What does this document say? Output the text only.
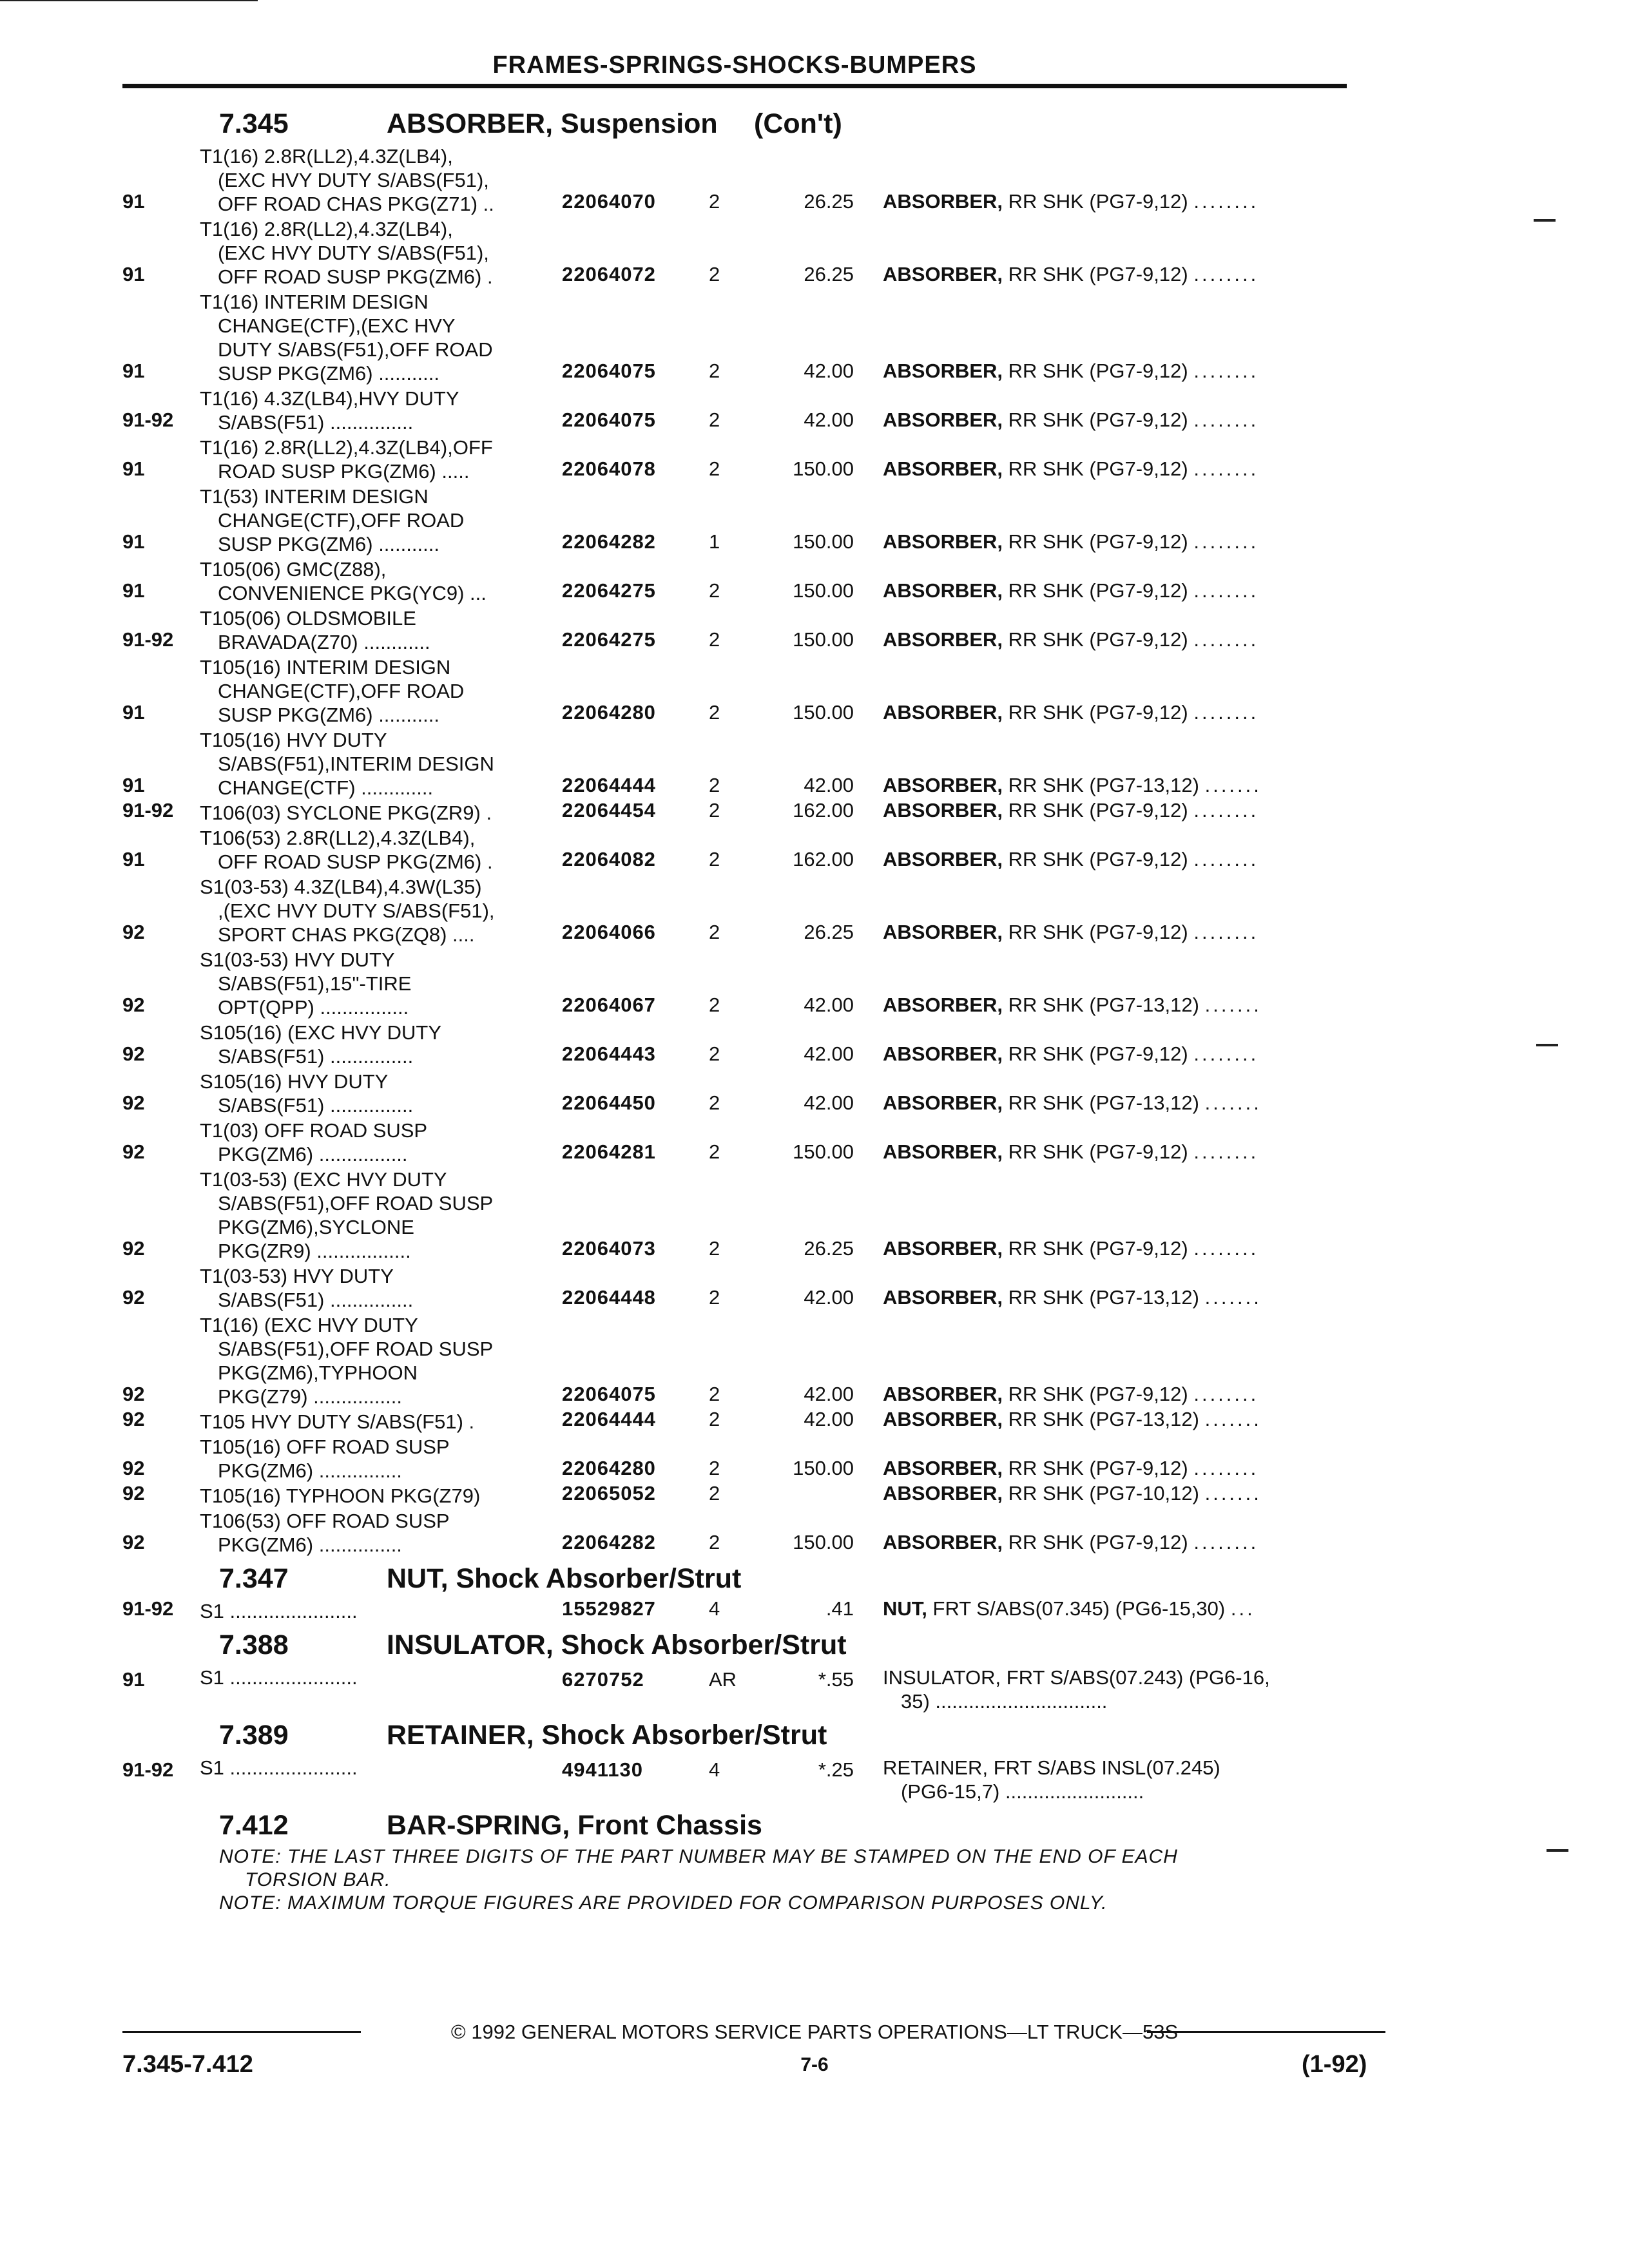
FRAMES-SPRINGS-SHOCKS-BUMPERS
7.345	ABSORBER, Suspension (Con't)
91
T1(16) 2.8R(LL2),4.3Z(LB4),
(EXC HVY DUTY S/ABS(F51),
OFF ROAD CHAS PKG(Z71) ..	22064070	2	26.25 ABSORBER, RR SHK (PG7-9,12) ........
91
T1(16) 2.8R(LL2),4.3Z(LB4),
(EXC HVY DUTY S/ABS(F51),
OFF ROAD SUSP PKG(ZM6) .	22064072	2	26.25 ABSORBER, RR SHK (PG7-9,12) ........
91
T1(16) INTERIM DESIGN
CHANGE(CTF),(EXC HVY
DUTY S/ABS(F51),OFF ROAD
SUSP PKG(ZM6) ...........	22064075	2	42.00 ABSORBER, RR SHK (PG7-9,12) ........
91-92
T1(16) 4.3Z(LB4),HVY DUTY
S/ABS(F51) ...............	22064075	2	42.00 ABSORBER, RR SHK (PG7-9,12) ........
91
T1(16) 2.8R(LL2),4.3Z(LB4),OFF
ROAD SUSP PKG(ZM6) .....	22064078	2	150.00 ABSORBER, RR SHK (PG7-9,12) ........
91
T1(53) INTERIM DESIGN
CHANGE(CTF),OFF ROAD
SUSP PKG(ZM6) ...........	22064282	1	150.00 ABSORBER, RR SHK (PG7-9,12) ........
91
T105(06) GMC(Z88),
CONVENIENCE PKG(YC9) ...	22064275	2	150.00 ABSORBER, RR SHK (PG7-9,12) ........
91-92
T105(06) OLDSMOBILE
BRAVADA(Z70) ............	22064275	2	150.00 ABSORBER, RR SHK (PG7-9,12) ........
91
T105(16) INTERIM DESIGN
CHANGE(CTF),OFF ROAD
SUSP PKG(ZM6) ...........	22064280	2	150.00 ABSORBER, RR SHK (PG7-9,12) ........
91
T105(16) HVY DUTY
S/ABS(F51),INTERIM DESIGN
CHANGE(CTF) .............	22064444	2	42.00 ABSORBER, RR SHK (PG7-13,12) .......
91-92 T106(03) SYCLONE PKG(ZR9) .	22064454	2	162.00 ABSORBER, RR SHK (PG7-9,12) ........
91
T106(53) 2.8R(LL2),4.3Z(LB4),
OFF ROAD SUSP PKG(ZM6) .	22064082	2	162.00 ABSORBER, RR SHK (PG7-9,12) ........
92
S1(03-53) 4.3Z(LB4),4.3W(L35)
,(EXC HVY DUTY S/ABS(F51),
SPORT CHAS PKG(ZQ8) ....	22064066	2	26.25 ABSORBER, RR SHK (PG7-9,12) ........
92
S1(03-53) HVY DUTY
S/ABS(F51),15"-TIRE
OPT(QPP) ................	22064067	2	42.00 ABSORBER, RR SHK (PG7-13,12) .......
92
S105(16) (EXC HVY DUTY
S/ABS(F51) ...............	22064443	2	42.00 ABSORBER, RR SHK (PG7-9,12) ........
92
S105(16) HVY DUTY
S/ABS(F51) ...............	22064450	2	42.00 ABSORBER, RR SHK (PG7-13,12) .......
92
T1(03) OFF ROAD SUSP
PKG(ZM6) ................	22064281	2	150.00 ABSORBER, RR SHK (PG7-9,12) ........
92
T1(03-53) (EXC HVY DUTY
S/ABS(F51),OFF ROAD SUSP
PKG(ZM6),SYCLONE
PKG(ZR9) .................	22064073	2	26.25 ABSORBER, RR SHK (PG7-9,12) ........
92
T1(03-53) HVY DUTY
S/ABS(F51) ...............	22064448	2	42.00 ABSORBER, RR SHK (PG7-13,12) .......
92
T1(16) (EXC HVY DUTY
S/ABS(F51),OFF ROAD SUSP
PKG(ZM6),TYPHOON
PKG(Z79) ................	22064075	2	42.00 ABSORBER, RR SHK (PG7-9,12) ........
92	T105 HVY DUTY S/ABS(F51) .	22064444	2	42.00 ABSORBER, RR SHK (PG7-13,12) .......
92
T105(16) OFF ROAD SUSP
PKG(ZM6) ...............	22064280	2	150.00 ABSORBER, RR SHK (PG7-9,12) ........
92	T105(16) TYPHOON PKG(Z79)	22065052	2	ABSORBER, RR SHK (PG7-10,12) .......
92
T106(53) OFF ROAD SUSP
PKG(ZM6) ...............	22064282	2	150.00 ABSORBER, RR SHK (PG7-9,12) ........
7.347	NUT, Shock Absorber/Strut
91-92 S1 .......................	15529827	4	.41 NUT, FRT S/ABS(07.345) (PG6-15,30) ...
7.388	INSULATOR, Shock Absorber/Strut
91	S1 .......................	6270752	AR	*.55 INSULATOR, FRT S/ABS(07.243) (PG6-16,
35) ...............................
7.389	RETAINER, Shock Absorber/Strut
91-92 S1 .......................	4941130	4	*.25 RETAINER, FRT S/ABS INSL(07.245)
(PG6-15,7) .........................
7.412	BAR-SPRING, Front Chassis
NOTE: THE LAST THREE DIGITS OF THE PART NUMBER MAY BE STAMPED ON THE END OF EACH
TORSION BAR.
NOTE: MAXIMUM TORQUE FIGURES ARE PROVIDED FOR COMPARISON PURPOSES ONLY.
© 1992 GENERAL MOTORS SERVICE PARTS OPERATIONS—LT TRUCK—53S
7.345-7.412	7-6	(1-92)
